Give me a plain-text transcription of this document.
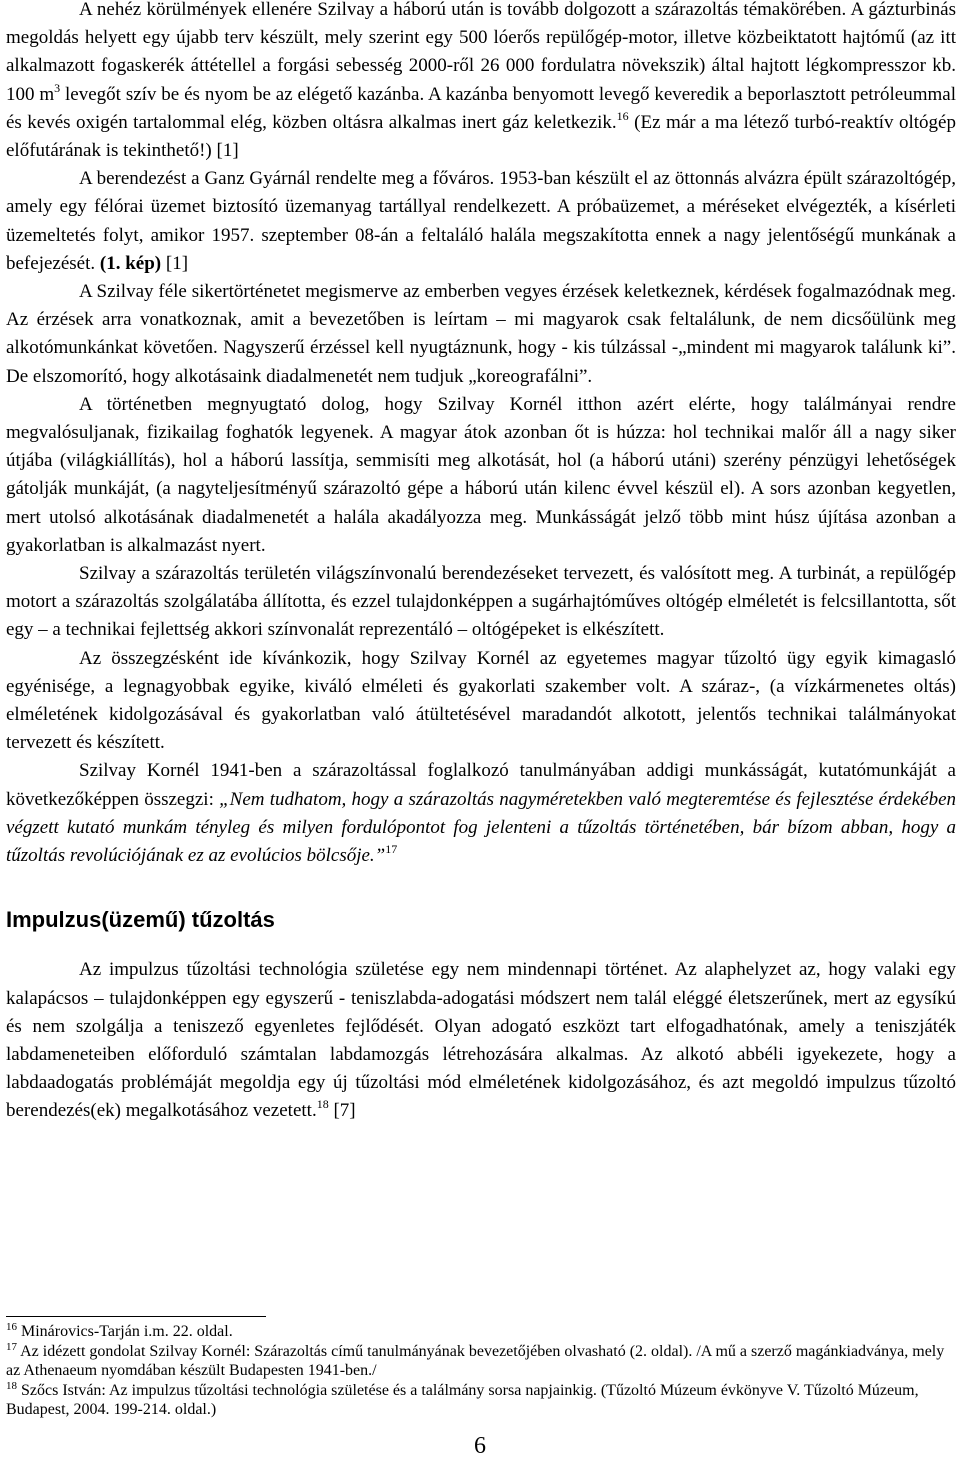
A nehéz körülmények ellenére Szilvay a háború után is tovább dolgozott a szárazoltás témakörében. A gázturbinás megoldás helyett egy újabb terv készült, mely szerint egy 500 lóerős repülőgép-motor, illetve közbeiktatott hajtómű (az itt alkalmazott fogaskerék áttétellel a forgási sebesség 2000-ről 26 000 fordulatra növekszik) által hajtott légkompresszor kb. 100 $m^3$ levegőt szív be és nyom be az elégető kazánba. A kazánba benyomott levegő keveredik a beporlasztott petróleummal és kevés oxigén tartalommal elég, közben oltásra alkalmas inert gáz keletkezik.$^{16}$ (Ez már a ma létező turbó-reaktív oltógép előfutárának is tekinthető!) [1]

A berendezést a Ganz Gyárnál rendelte meg a főváros. 1953-ban készült el az öttonnás alvázra épült szárazoltógép, amely egy félórai üzemet biztosító üzemanyag tartállyal rendelkezett. A próbaüzemet, a méréseket elvégezték, a kísérleti üzemeltetés folyt, amikor 1957. szeptember 08-án a feltaláló halála megszakította ennek a nagy jelentőségű munkának a befejezését. (1. kép) [1]

A Szilvay féle sikertörténetet megismerve az emberben vegyes érzések keletkeznek, kérdések fogalmazódnak meg. Az érzések arra vonatkoznak, amit a bevezetőben is leírtam – mi magyarok csak feltalálunk, de nem dicsőülünk meg alkotómunkánkat követően. Nagyszerű érzéssel kell nyugtáznunk, hogy - kis túlzással -„mindent mi magyarok találunk ki”. De elszomorító, hogy alkotásaink diadalmenetét nem tudjuk „koreografálni”.

A történetben megnyugtató dolog, hogy Szilvay Kornél itthon azért elérte, hogy találmányai rendre megvalósuljanak, fizikailag foghatók legyenek. A magyar átok azonban őt is húzza: hol technikai malőr áll a nagy siker útjába (világkiállítás), hol a háború lassítja, semmisíti meg alkotását, hol (a háború utáni) szerény pénzügyi lehetőségek gátolják munkáját, (a nagyteljesítményű szárazoltó gépe a háború után kilenc évvel készül el). A sors azonban kegyetlen, mert utolsó alkotásának diadalmenetét a halála akadályozza meg. Munkásságát jelző több mint húsz újítása azonban a gyakorlatban is alkalmazást nyert.

Szilvay a szárazoltás területén világszínvonalú berendezéseket tervezett, és valósított meg. A turbinát, a repülőgép motort a szárazoltás szolgálatába állította, és ezzel tulajdonképpen a sugárhajtóműves oltógép elméletét is felcsillantotta, sőt egy – a technikai fejlettség akkori színvonalát reprezentáló – oltógépeket is elkészített.

Az összegzésként ide kívánkozik, hogy Szilvay Kornél az egyetemes magyar tűzoltó ügy egyik kimagasló egyénisége, a legnagyobbak egyike, kiváló elméleti és gyakorlati szakember volt. A száraz-, (a vízkármenetes oltás) elméletének kidolgozásával és gyakorlatban való átültetésével maradandót alkotott, jelentős technikai találmányokat tervezett és készített.

Szilvay Kornél 1941-ben a szárazoltással foglalkozó tanulmányában addigi munkásságát, kutatómunkáját a következőképpen összegzi: „Nem tudhatom, hogy a szárazoltás nagyméretekben való megteremtése és fejlesztése érdekében végzett kutató munkám tényleg és milyen fordulópontot fog jelenteni a tűzoltás történetében, bár bízom abban, hogy a tűzoltás revolúciójának ez az evolúcios bölcsője.”$^{17}$

Impulzus(üzemű) tűzoltás

Az impulzus tűzoltási technológia születése egy nem mindennapi történet. Az alaphelyzet az, hogy valaki egy kalapácsos – tulajdonképpen egy egyszerű - teniszlabda-adogatási módszert nem talál eléggé életszerűnek, mert az egysíkú és nem szolgálja a teniszező egyenletes fejlődését. Olyan adogató eszközt tart elfogadhatónak, amely a teniszjáték labdameneteiben előforduló számtalan labdamozgás létrehozására alkalmas. Az alkotó abbéli igyekezete, hogy a labdaadogatás problémáját megoldja egy új tűzoltási mód elméletének kidolgozásához, és azt megoldó impulzus tűzoltó berendezés(ek) megalkotásához vezetett.$^{18}$ [7]

$^{16}$ Minárovics-Tarján i.m. 22. oldal.

$^{17}$ Az idézett gondolat Szilvay Kornél: Szárazoltás című tanulmányának bevezetőjében olvasható (2. oldal). /A mű a szerző magánkiadványa, mely az Athenaeum nyomdában készült Budapesten 1941-ben./

$^{18}$ Szőcs István: Az impulzus tűzoltási technológia születése és a találmány sorsa napjainkig. (Tűzoltó Múzeum évkönyve V. Tűzoltó Múzeum, Budapest, 2004. 199-214. oldal.)

6
